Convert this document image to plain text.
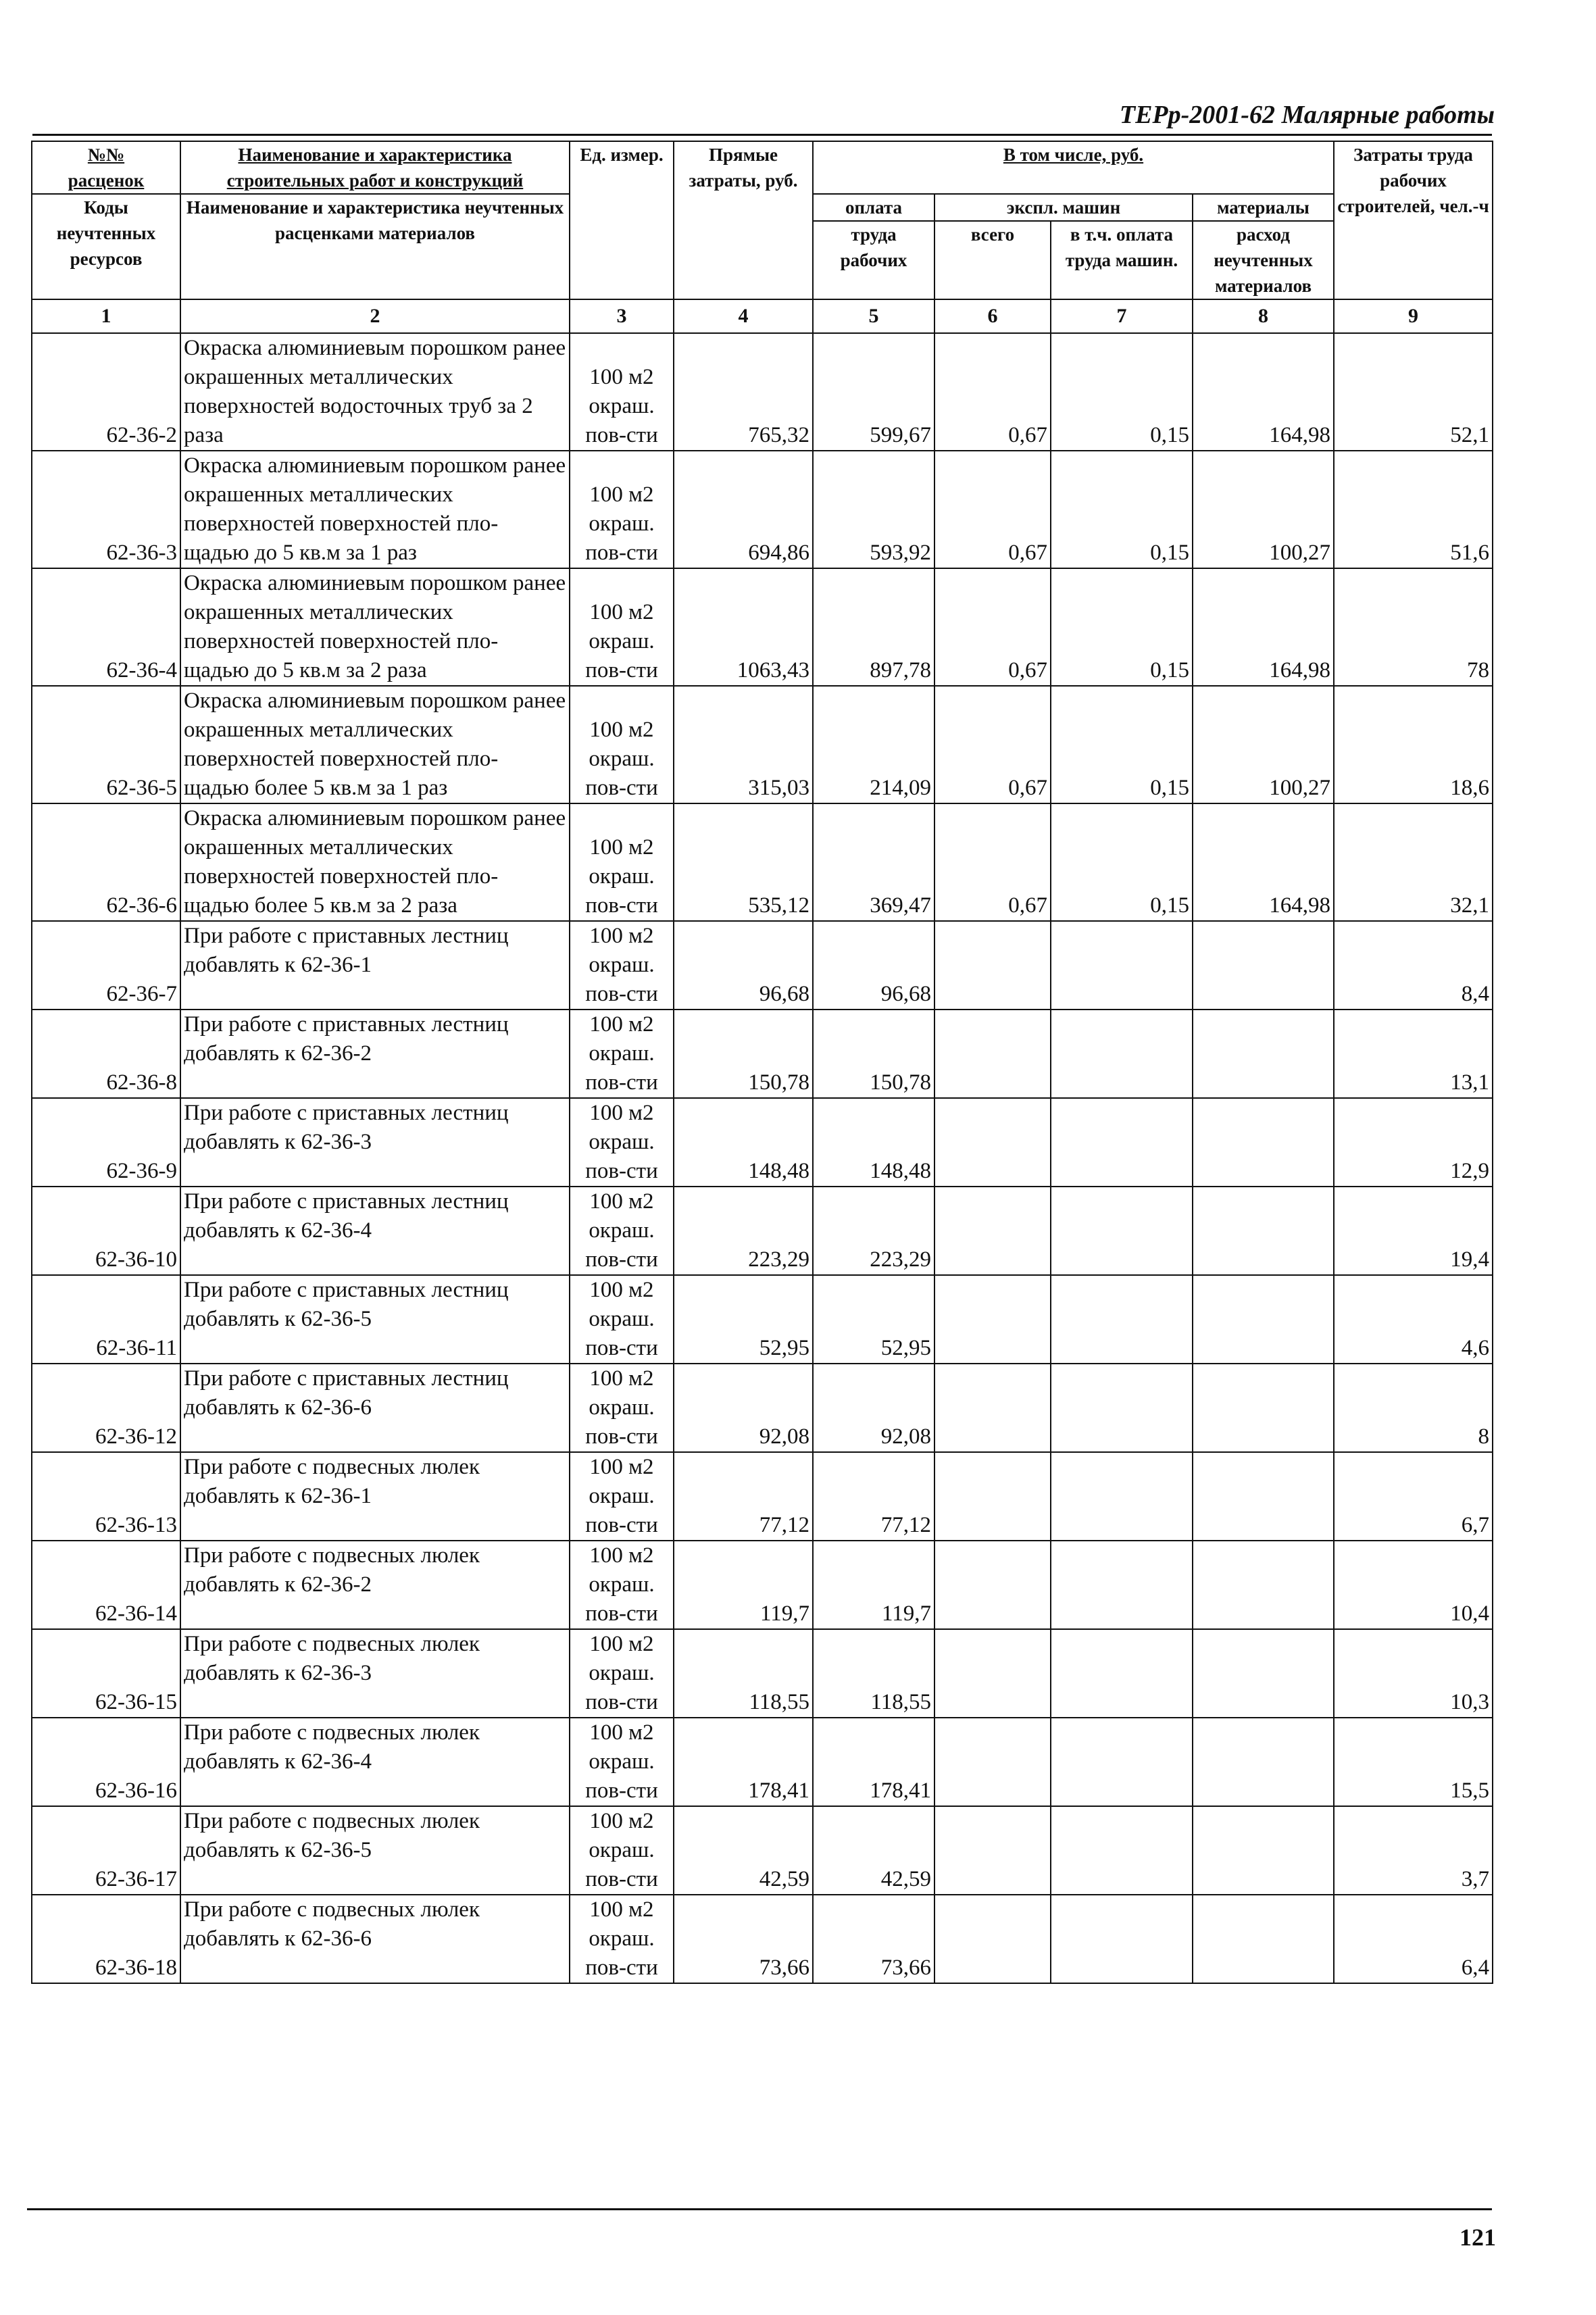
ТЕРр-2001-62 Малярные работы
№№
расценок	Наименование и характеристика
строительных работ и конструкций	Ед. измер.	Прямые затраты, руб.	В том числе, руб.				Затраты труда рабочих строителей, чел.-ч
Коды неучтенных ресурсов	Наименование и характеристика неучтенных расценками материалов			оплата	экспл. машин		материалы	
				труда рабочих	всего	в т.ч. оплата труда машин.	расход неучтенных материалов	
1	2	3	4	5	6	7	8	9
62-36-2	Окраска алюминиевым порошком ранее окрашенных металлических поверхностей водосточных труб за 2 раза	100 м2
окраш.
пов-сти	765,32	599,67	0,67	0,15	164,98	52,1
62-36-3	Окраска алюминиевым порошком ранее окрашенных металлических поверхностей поверхностей пло- щадью до 5 кв.м за 1 раз	100 м2
окраш.
пов-сти	694,86	593,92	0,67	0,15	100,27	51,6
62-36-4	Окраска алюминиевым порошком ранее окрашенных металлических поверхностей поверхностей пло- щадью до 5 кв.м за 2 раза	100 м2
окраш.
пов-сти	1063,43	897,78	0,67	0,15	164,98	78
62-36-5	Окраска алюминиевым порошком ранее окрашенных металлических поверхностей поверхностей пло- щадью более 5 кв.м за 1 раз	100 м2
окраш.
пов-сти	315,03	214,09	0,67	0,15	100,27	18,6
62-36-6	Окраска алюминиевым порошком ранее окрашенных металлических поверхностей поверхностей пло- щадью более 5 кв.м за 2 раза	100 м2
окраш.
пов-сти	535,12	369,47	0,67	0,15	164,98	32,1
62-36-7	При работе с приставных лестниц добавлять к 62-36-1	100 м2
окраш.
пов-сти	96,68	96,68				8,4
62-36-8	При работе с приставных лестниц добавлять к 62-36-2	100 м2
окраш.
пов-сти	150,78	150,78				13,1
62-36-9	При работе с приставных лестниц добавлять к 62-36-3	100 м2
окраш.
пов-сти	148,48	148,48				12,9
62-36-10	При работе с приставных лестниц добавлять к 62-36-4	100 м2
окраш.
пов-сти	223,29	223,29				19,4
62-36-11	При работе с приставных лестниц добавлять к 62-36-5	100 м2
окраш.
пов-сти	52,95	52,95				4,6
62-36-12	При работе с приставных лестниц добавлять к 62-36-6	100 м2
окраш.
пов-сти	92,08	92,08				8
62-36-13	При работе с подвесных люлек добавлять к 62-36-1	100 м2
окраш.
пов-сти	77,12	77,12				6,7
62-36-14	При работе с подвесных люлек добавлять к 62-36-2	100 м2
окраш.
пов-сти	119,7	119,7				10,4
62-36-15	При работе с подвесных люлек добавлять к 62-36-3	100 м2
окраш.
пов-сти	118,55	118,55				10,3
62-36-16	При работе с подвесных люлек добавлять к 62-36-4	100 м2
окраш.
пов-сти	178,41	178,41				15,5
62-36-17	При работе с подвесных люлек добавлять к 62-36-5	100 м2
окраш.
пов-сти	42,59	42,59				3,7
62-36-18	При работе с подвесных люлек добавлять к 62-36-6	100 м2
окраш.
пов-сти	73,66	73,66				6,4
121
